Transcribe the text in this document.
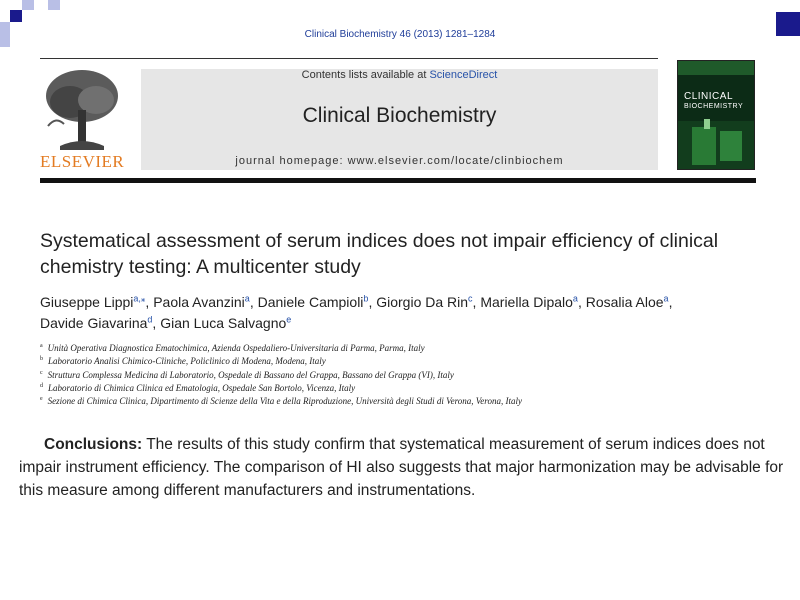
Clinical Biochemistry 46 (2013) 1281–1284
ELSEVIER
Contents lists available at ScienceDirect
Clinical Biochemistry
journal homepage: www.elsevier.com/locate/clinbiochem
CLINICAL
BIOCHEMISTRY
Systematical assessment of serum indices does not impair efficiency of clinical
chemistry testing: A multicenter study
Giuseppe Lippi$^{a,⁎}$, Paola Avanzini$^a$, Daniele Campioli$^b$, Giorgio Da Rin$^c$, Mariella Dipalo$^a$, Rosalia Aloe$^a$,
Davide Giavarina$^d$, Gian Luca Salvagno$^e$
$^a$ Unità Operativa Diagnostica Ematochimica, Azienda Ospedaliero-Universitaria di Parma, Parma, Italy
$^b$ Laboratorio Analisi Chimico-Cliniche, Policlinico di Modena, Modena, Italy
$^c$ Struttura Complessa Medicina di Laboratorio, Ospedale di Bassano del Grappa, Bassano del Grappa (VI), Italy
$^d$ Laboratorio di Chimica Clinica ed Ematologia, Ospedale San Bortolo, Vicenza, Italy
$^e$ Sezione di Chimica Clinica, Dipartimento di Scienze della Vita e della Riproduzione, Università degli Studi di Verona, Verona, Italy
Conclusions: The results of this study confirm that systematical measurement of serum indices does not impair instrument efficiency. The comparison of HI also suggests that major harmonization may be advisable for this measure among different manufacturers and instrumentations.
